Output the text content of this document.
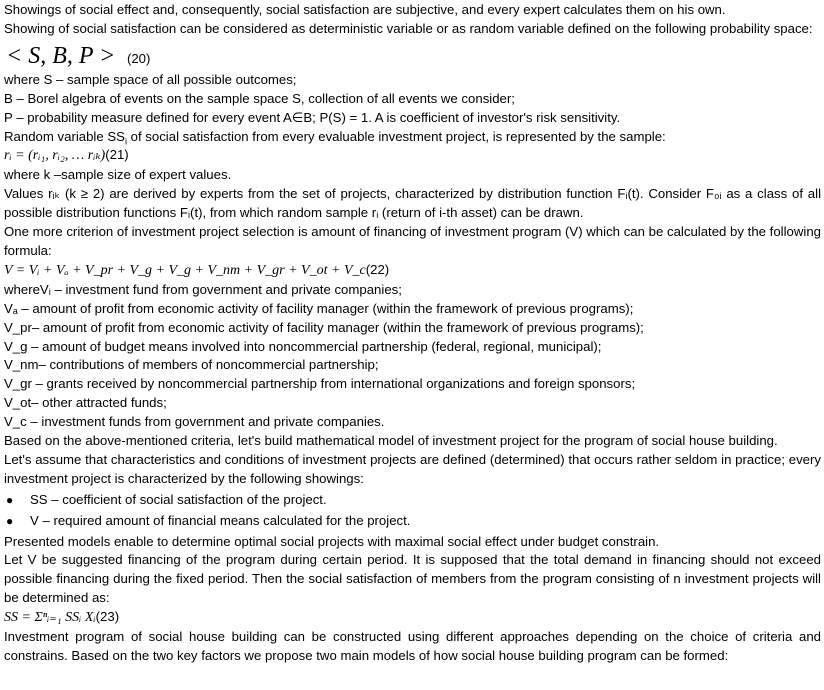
Showings of social effect and, consequently, social satisfaction are subjective, and every expert calculates them on his own.

Showing of social satisfaction can be considered as deterministic variable or as random variable defined on the following probability space:

< S, B, P > (20)

where S – sample space of all possible outcomes;

B – Borel algebra of events on the sample space S, collection of all events we consider;

P – probability measure defined for every event A∈B; P(S) = 1. A is coefficient of investor's risk sensitivity.

Random variable $SS_i$ of social satisfaction from every evaluable investment project, is represented by the sample:

rᵢ = (rᵢ₁, rᵢ₂, … rᵢₖ)(21)

where k –sample size of expert values.

Values rᵢₖ (k ≥ 2) are derived by experts from the set of projects, characterized by distribution function Fᵢ(t). Consider F₀ᵢ as a class of all possible distribution functions Fᵢ(t), from which random sample rᵢ (return of i-th asset) can be drawn.

One more criterion of investment project selection is amount of financing of investment program (V) which can be calculated by the following formula:

V = Vᵢ + Vₐ + V_pr + V_g + V_g + V_nm + V_gr + V_ot + V_c(22)

whereVᵢ – investment fund from government and private companies;

Vₐ – amount of profit from economic activity of facility manager (within the framework of previous programs);

V_pr– amount of profit from economic activity of facility manager (within the framework of previous programs);

V_g – amount of budget means involved into noncommercial partnership (federal, regional, municipal);

V_nm– contributions of members of noncommercial partnership;

V_gr – grants received by noncommercial partnership from international organizations and foreign sponsors;

V_ot– other attracted funds;

V_c – investment funds from government and private companies.

Based on the above-mentioned criteria, let's build mathematical model of investment project for the program of social house building.

Let's assume that characteristics and conditions of investment projects are defined (determined) that occurs rather seldom in practice; every investment project is characterized by the following showings:

●	SS – coefficient of social satisfaction of the project.
●	V – required amount of financial means calculated for the project.

Presented models enable to determine optimal social projects with maximal social effect under budget constrain.

Let V be suggested financing of the program during certain period. It is supposed that the total demand in financing should not exceed possible financing during the fixed period. Then the social satisfaction of members from the program consisting of n investment projects will be determined as:

SS = Σⁿᵢ₌₁ SSᵢ Xᵢ(23)

Investment program of social house building can be constructed using different approaches depending on the choice of criteria and constrains. Based on the two key factors we propose two main models of how social house building program can be formed:
